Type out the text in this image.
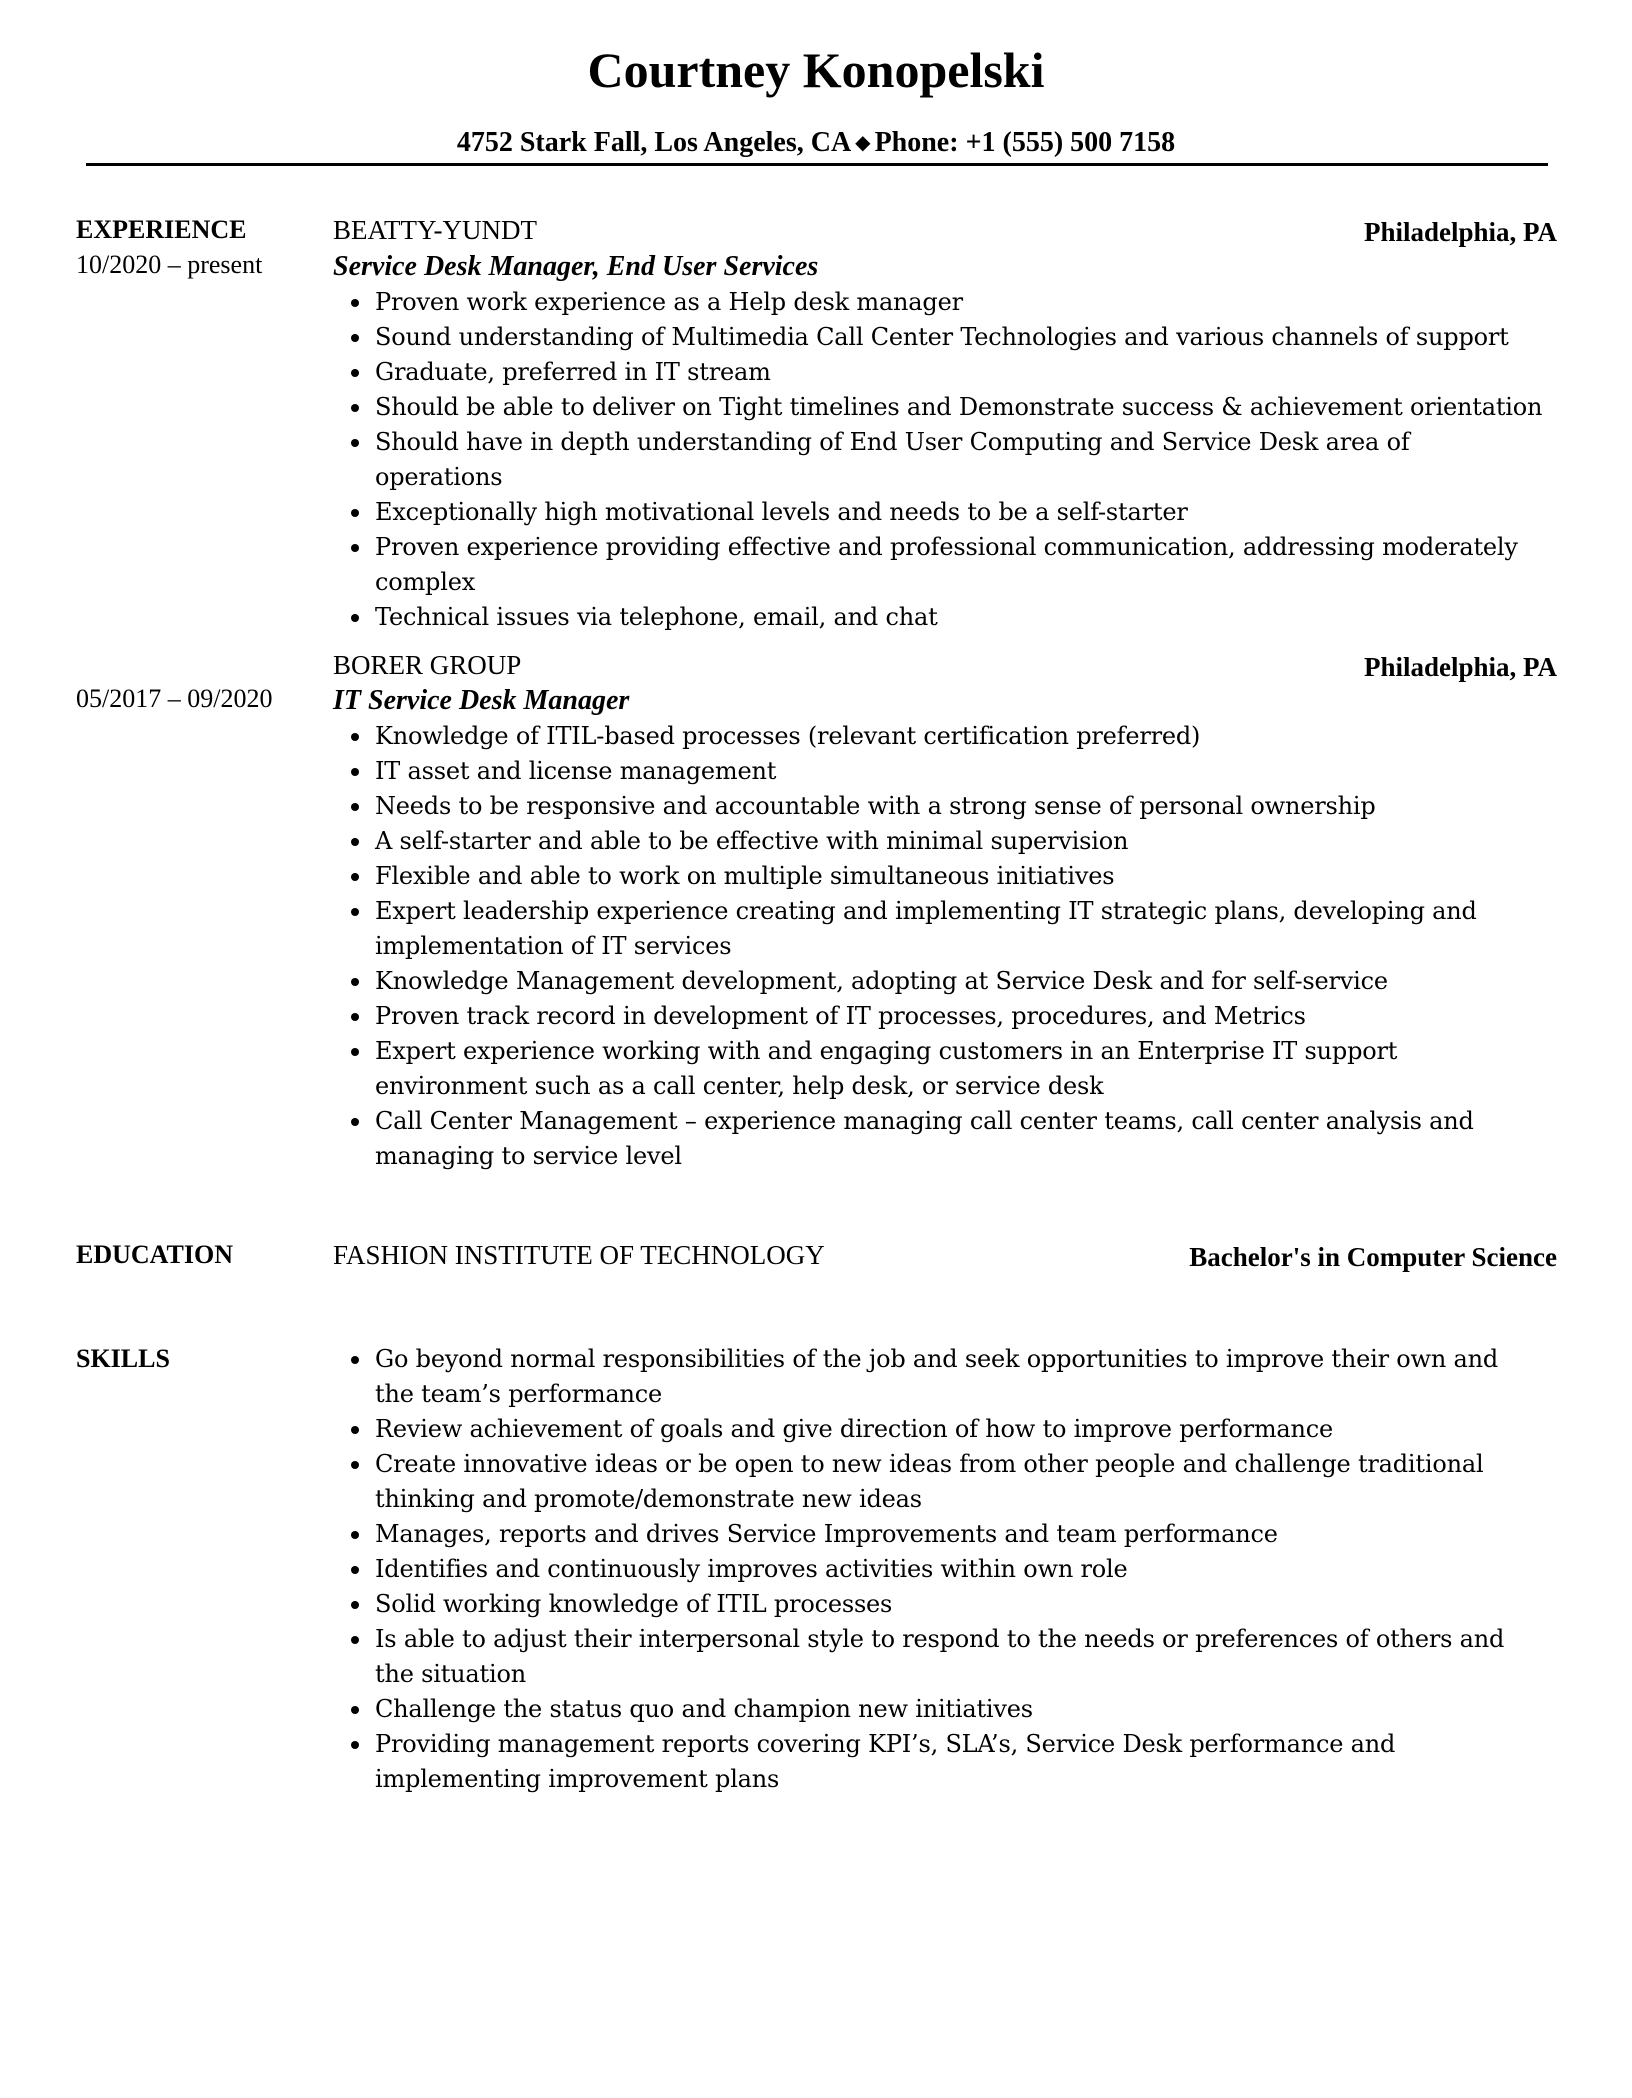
Courtney Konopelski
4752 Stark Fall, Los Angeles, CA ◆ Phone: +1 (555) 500 7158
EXPERIENCE	BEATTY-YUNDT	Philadelphia, PA
10/2020 – present	Service Desk Manager, End User Services
Proven work experience as a Help desk manager
Sound understanding of Multimedia Call Center Technologies and various channels of support
Graduate, preferred in IT stream
Should be able to deliver on Tight timelines and Demonstrate success & achievement orientation
Should have in depth understanding of End User Computing and Service Desk area of operations
Exceptionally high motivational levels and needs to be a self-starter
Proven experience providing effective and professional communication, addressing moderately complex
Technical issues via telephone, email, and chat
BORER GROUP	Philadelphia, PA
05/2017 – 09/2020 IT Service Desk Manager
Knowledge of ITIL-based processes (relevant certification preferred)
IT asset and license management
Needs to be responsive and accountable with a strong sense of personal ownership
A self-starter and able to be effective with minimal supervision
Flexible and able to work on multiple simultaneous initiatives
Expert leadership experience creating and implementing IT strategic plans, developing and implementation of IT services
Knowledge Management development, adopting at Service Desk and for self-service
Proven track record in development of IT processes, procedures, and Metrics
Expert experience working with and engaging customers in an Enterprise IT support environment such as a call center, help desk, or service desk
Call Center Management – experience managing call center teams, call center analysis and managing to service level
EDUCATION	FASHION INSTITUTE OF TECHNOLOGY	Bachelor's in Computer Science
SKILLS	Go beyond normal responsibilities of the job and seek opportunities to improve their own and the team’s performance
Review achievement of goals and give direction of how to improve performance
Create innovative ideas or be open to new ideas from other people and challenge traditional thinking and promote/demonstrate new ideas
Manages, reports and drives Service Improvements and team performance
Identifies and continuously improves activities within own role
Solid working knowledge of ITIL processes
Is able to adjust their interpersonal style to respond to the needs or preferences of others and the situation
Challenge the status quo and champion new initiatives
Providing management reports covering KPI’s, SLA’s, Service Desk performance and implementing improvement plans
